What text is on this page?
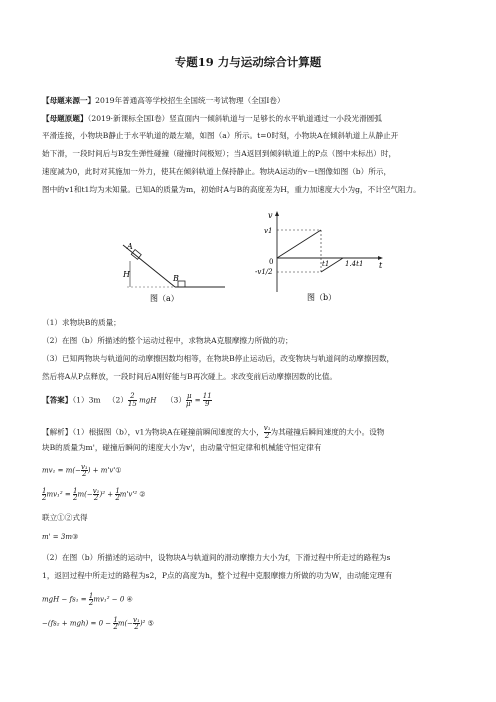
专题19 力与运动综合计算题
【母题来源一】2019年普通高等学校招生全国统一考试物理（全国Ⅰ卷）
【母题原题】（2019·新课标全国Ⅰ卷）竖直面内一倾斜轨道与一足够长的水平轨道通过一小段光滑圆弧
平滑连接，小物块B静止于水平轨道的最左端，如图（a）所示。t=0时刻，小物块A在倾斜轨道上从静止开
始下滑，一段时间后与B发生弹性碰撞（碰撞时间极短）；当A返回到倾斜轨道上的P点（图中未标出）时，
速度减为0，此时对其施加一外力，使其在倾斜轨道上保持静止。物块A运动的v－t图像如图（b）所示，
图中的v1和t1均为未知量。已知A的质量为m，初始时A与B的高度差为H，重力加速度大小为g，不计空气阻力。
A
B
H
图（a）
v
v1
0
-v1/2
t
t1 1.4t1
图（b）
（1）求物块B的质量；
（2）在图（b）所描述的整个运动过程中，求物块A克服摩擦力所做的功；
（3）已知两物块与轨道间的动摩擦因数均相等，在物块B停止运动后，改变物块与轨道间的动摩擦因数，
然后将A从P点释放，一段时间后A刚好能与B再次碰上。求改变前后动摩擦因数的比值。
【答案】（1）3m $(2) \frac{2}{15}$ mgH $(3) \frac{\mu}{\mu'} = \frac{11}{9}$
【解析】（1）根据图（b），v1为物块A在碰撞前瞬间速度的大小， $\frac{\text{v₁}}{2}$ 为其碰撞后瞬间速度的大小。设物
块B的质量为m'，碰撞后瞬间的速度大小为v'，由动量守恒定律和机械能守恒定律有
$mv_1 = m(- \frac{\text{v₁}}{2}$ ) + m'v'①
$\frac{1}{2} mv_1^2 = \frac{1}{2} m(- \frac{\text{v₁}}{2} )^2 + \frac{1}{2} m'v'^2$ ②
联立①②式得
m' = 3m③
（2）在图（b）所描述的运动中，设物块A与轨道间的滑动摩擦力大小为f，下滑过程中所走过的路程为s
1，返回过程中所走过的路程为s2，P点的高度为h，整个过程中克服摩擦力所做的功为W，由动能定理有
mgH − $fs_1 = \frac{1}{2} mv_1^2 - 0$ ④
$-(fs_2 + mgh) = 0 - \frac{1}{2} m(- \frac{\text{v₁}}{2} )^2$ ⑤
